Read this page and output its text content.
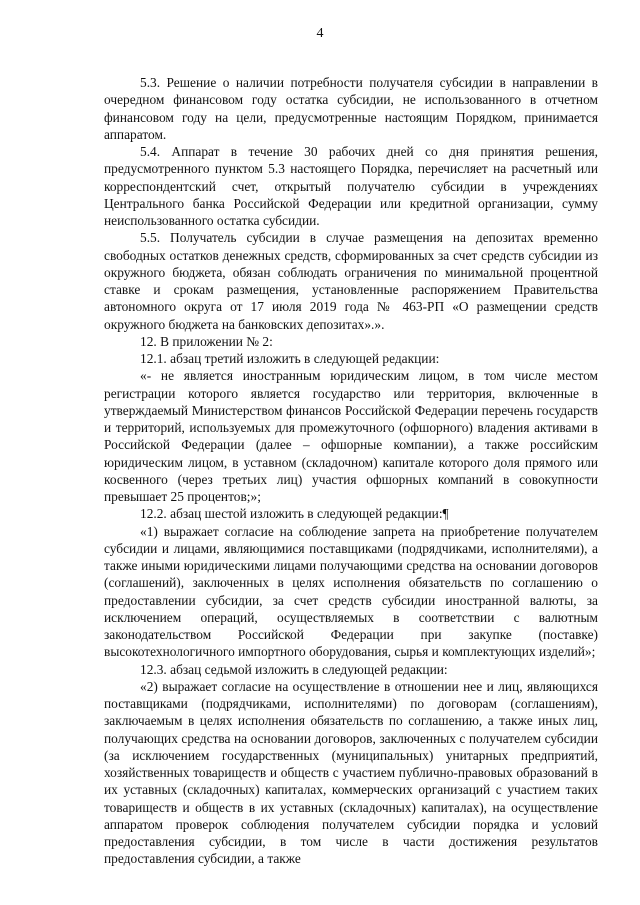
4

5.3. Решение о наличии потребности получателя субсидии в направлении в очередном финансовом году остатка субсидии, не использованного в отчетном финансовом году на цели, предусмотренные настоящим Порядком, принимается аппаратом.

5.4. Аппарат в течение 30 рабочих дней со дня принятия решения, предусмотренного пунктом 5.3 настоящего Порядка, перечисляет на расчетный или корреспондентский счет, открытый получателю субсидии в учреждениях Центрального банка Российской Федерации или кредитной организации, сумму неиспользованного остатка субсидии.

5.5. Получатель субсидии в случае размещения на депозитах временно свободных остатков денежных средств, сформированных за счет средств субсидии из окружного бюджета, обязан соблюдать ограничения по минимальной процентной ставке и срокам размещения, установленные распоряжением Правительства автономного округа от 17 июля 2019 года № 463-РП «О размещении средств окружного бюджета на банковских депозитах».».

12. В приложении № 2:

12.1. абзац третий изложить в следующей редакции:

«- не является иностранным юридическим лицом, в том числе местом регистрации которого является государство или территория, включенные в утверждаемый Министерством финансов Российской Федерации перечень государств и территорий, используемых для промежуточного (офшорного) владения активами в Российской Федерации (далее – офшорные компании), а также российским юридическим лицом, в уставном (складочном) капитале которого доля прямого или косвенного (через третьих лиц) участия офшорных компаний в совокупности превышает 25 процентов;»;

12.2. абзац шестой изложить в следующей редакции:¶

«1) выражает согласие на соблюдение запрета на приобретение получателем субсидии и лицами, являющимися поставщиками (подрядчиками, исполнителями), а также иными юридическими лицами получающими средства на основании договоров (соглашений), заключенных в целях исполнения обязательств по соглашению о предоставлении субсидии, за счет средств субсидии иностранной валюты, за исключением операций, осуществляемых в соответствии с валютным законодательством Российской Федерации при закупке (поставке) высокотехнологичного импортного оборудования, сырья и комплектующих изделий»;

12.3. абзац седьмой изложить в следующей редакции:

«2) выражает согласие на осуществление в отношении нее и лиц, являющихся поставщиками (подрядчиками, исполнителями) по договорам (соглашениям), заключаемым в целях исполнения обязательств по соглашению, а также иных лиц, получающих средства на основании договоров, заключенных с получателем субсидии (за исключением государственных (муниципальных) унитарных предприятий, хозяйственных товариществ и обществ с участием публично-правовых образований в их уставных (складочных) капиталах, коммерческих организаций с участием таких товариществ и обществ в их уставных (складочных) капиталах), на осуществление аппаратом проверок соблюдения получателем субсидии порядка и условий предоставления субсидии, в том числе в части достижения результатов предоставления субсидии, а также
